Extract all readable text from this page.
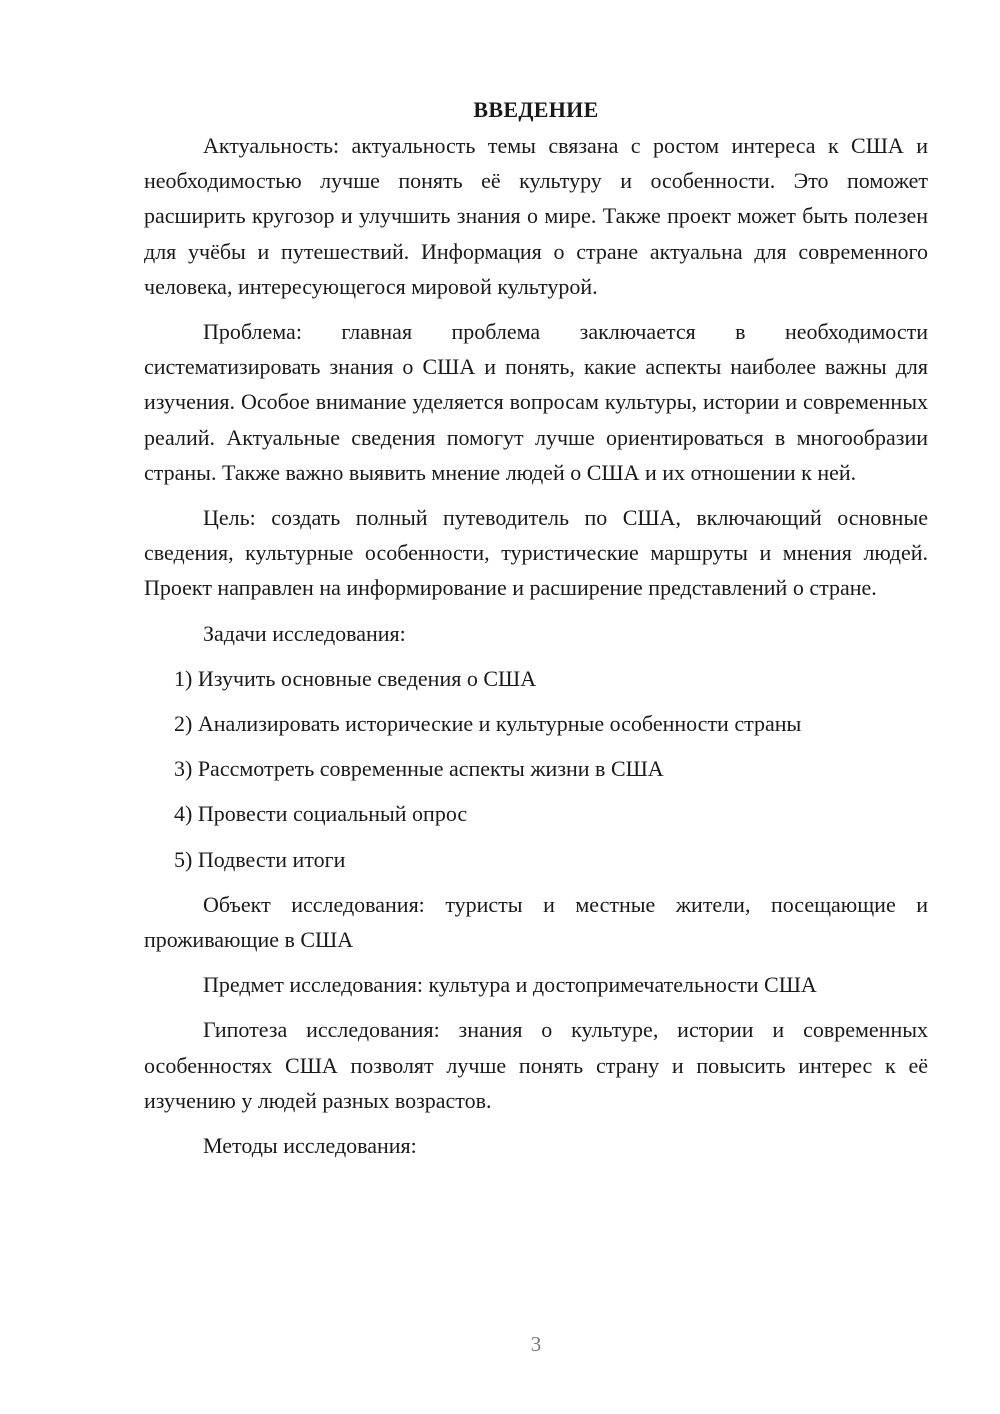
ВВЕДЕНИЕ

Актуальность: актуальность темы связана с ростом интереса к США и необходимостью лучше понять её культуру и особенности. Это поможет расширить кругозор и улучшить знания о мире. Также проект может быть полезен для учёбы и путешествий. Информация о стране актуальна для современного человека, интересующегося мировой культурой.

Проблема: главная проблема заключается в необходимости систематизировать знания о США и понять, какие аспекты наиболее важны для изучения. Особое внимание уделяется вопросам культуры, истории и современных реалий. Актуальные сведения помогут лучше ориентироваться в многообразии страны. Также важно выявить мнение людей о США и их отношении к ней.

Цель: создать полный путеводитель по США, включающий основные сведения, культурные особенности, туристические маршруты и мнения людей. Проект направлен на информирование и расширение представлений о стране.

Задачи исследования:

1) Изучить основные сведения о США
2) Анализировать исторические и культурные особенности страны
3) Рассмотреть современные аспекты жизни в США
4) Провести социальный опрос
5) Подвести итоги

Объект исследования: туристы и местные жители, посещающие и проживающие в США

Предмет исследования: культура и достопримечательности США

Гипотеза исследования: знания о культуре, истории и современных особенностях США позволят лучше понять страну и повысить интерес к её изучению у людей разных возрастов.

Методы исследования:

3
